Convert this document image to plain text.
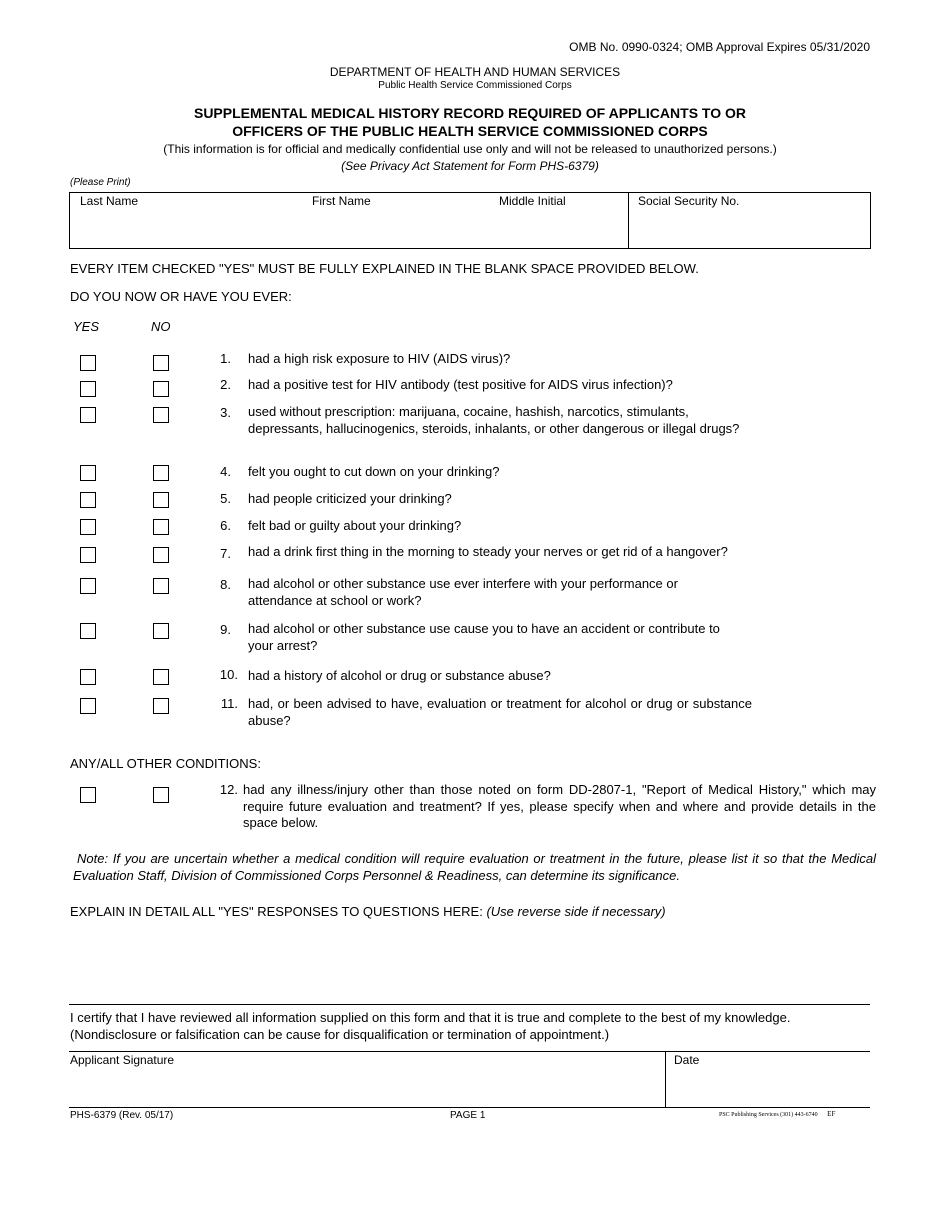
OMB No. 0990-0324; OMB Approval Expires 05/31/2020
DEPARTMENT OF HEALTH AND HUMAN SERVICES
Public Health Service Commissioned Corps
SUPPLEMENTAL MEDICAL HISTORY RECORD REQUIRED OF APPLICANTS TO OR
OFFICERS OF THE PUBLIC HEALTH SERVICE COMMISSIONED CORPS
(This information is for official and medically confidential use only and will not be released to unauthorized persons.)
(See Privacy Act Statement for Form PHS-6379)
(Please Print)
Last Name	First Name	Middle Initial	Social Security No.
EVERY ITEM CHECKED "YES" MUST BE FULLY EXPLAINED IN THE BLANK SPACE PROVIDED BELOW.
DO YOU NOW OR HAVE YOU EVER:
YES	NO
1. had a high risk exposure to HIV (AIDS virus)?
2. had a positive test for HIV antibody (test positive for AIDS virus infection)?
3. used without prescription: marijuana, cocaine, hashish, narcotics, stimulants, depressants, hallucinogenics, steroids, inhalants, or other dangerous or illegal drugs?
4. felt you ought to cut down on your drinking?
5. had people criticized your drinking?
6. felt bad or guilty about your drinking?
7. had a drink first thing in the morning to steady your nerves or get rid of a hangover?
8. had alcohol or other substance use ever interfere with your performance or attendance at school or work?
9. had alcohol or other substance use cause you to have an accident or contribute to your arrest?
10. had a history of alcohol or drug or substance abuse?
11. had, or been advised to have, evaluation or treatment for alcohol or drug or substance abuse?
ANY/ALL OTHER CONDITIONS:
12. had any illness/injury other than those noted on form DD-2807-1, "Report of Medical History," which may require future evaluation and treatment? If yes, please specify when and where and provide details in the space below.
Note: If you are uncertain whether a medical condition will require evaluation or treatment in the future, please list it so that the Medical Evaluation Staff, Division of Commissioned Corps Personnel & Readiness, can determine its significance.
EXPLAIN IN DETAIL ALL "YES" RESPONSES TO QUESTIONS HERE: (Use reverse side if necessary)
I certify that I have reviewed all information supplied on this form and that it is true and complete to the best of my knowledge.
(Nondisclosure or falsification can be cause for disqualification or termination of appointment.)
Applicant Signature	Date
PHS-6379 (Rev. 05/17)	PAGE 1	PSC Publishing Services (301) 443-6740 EF
